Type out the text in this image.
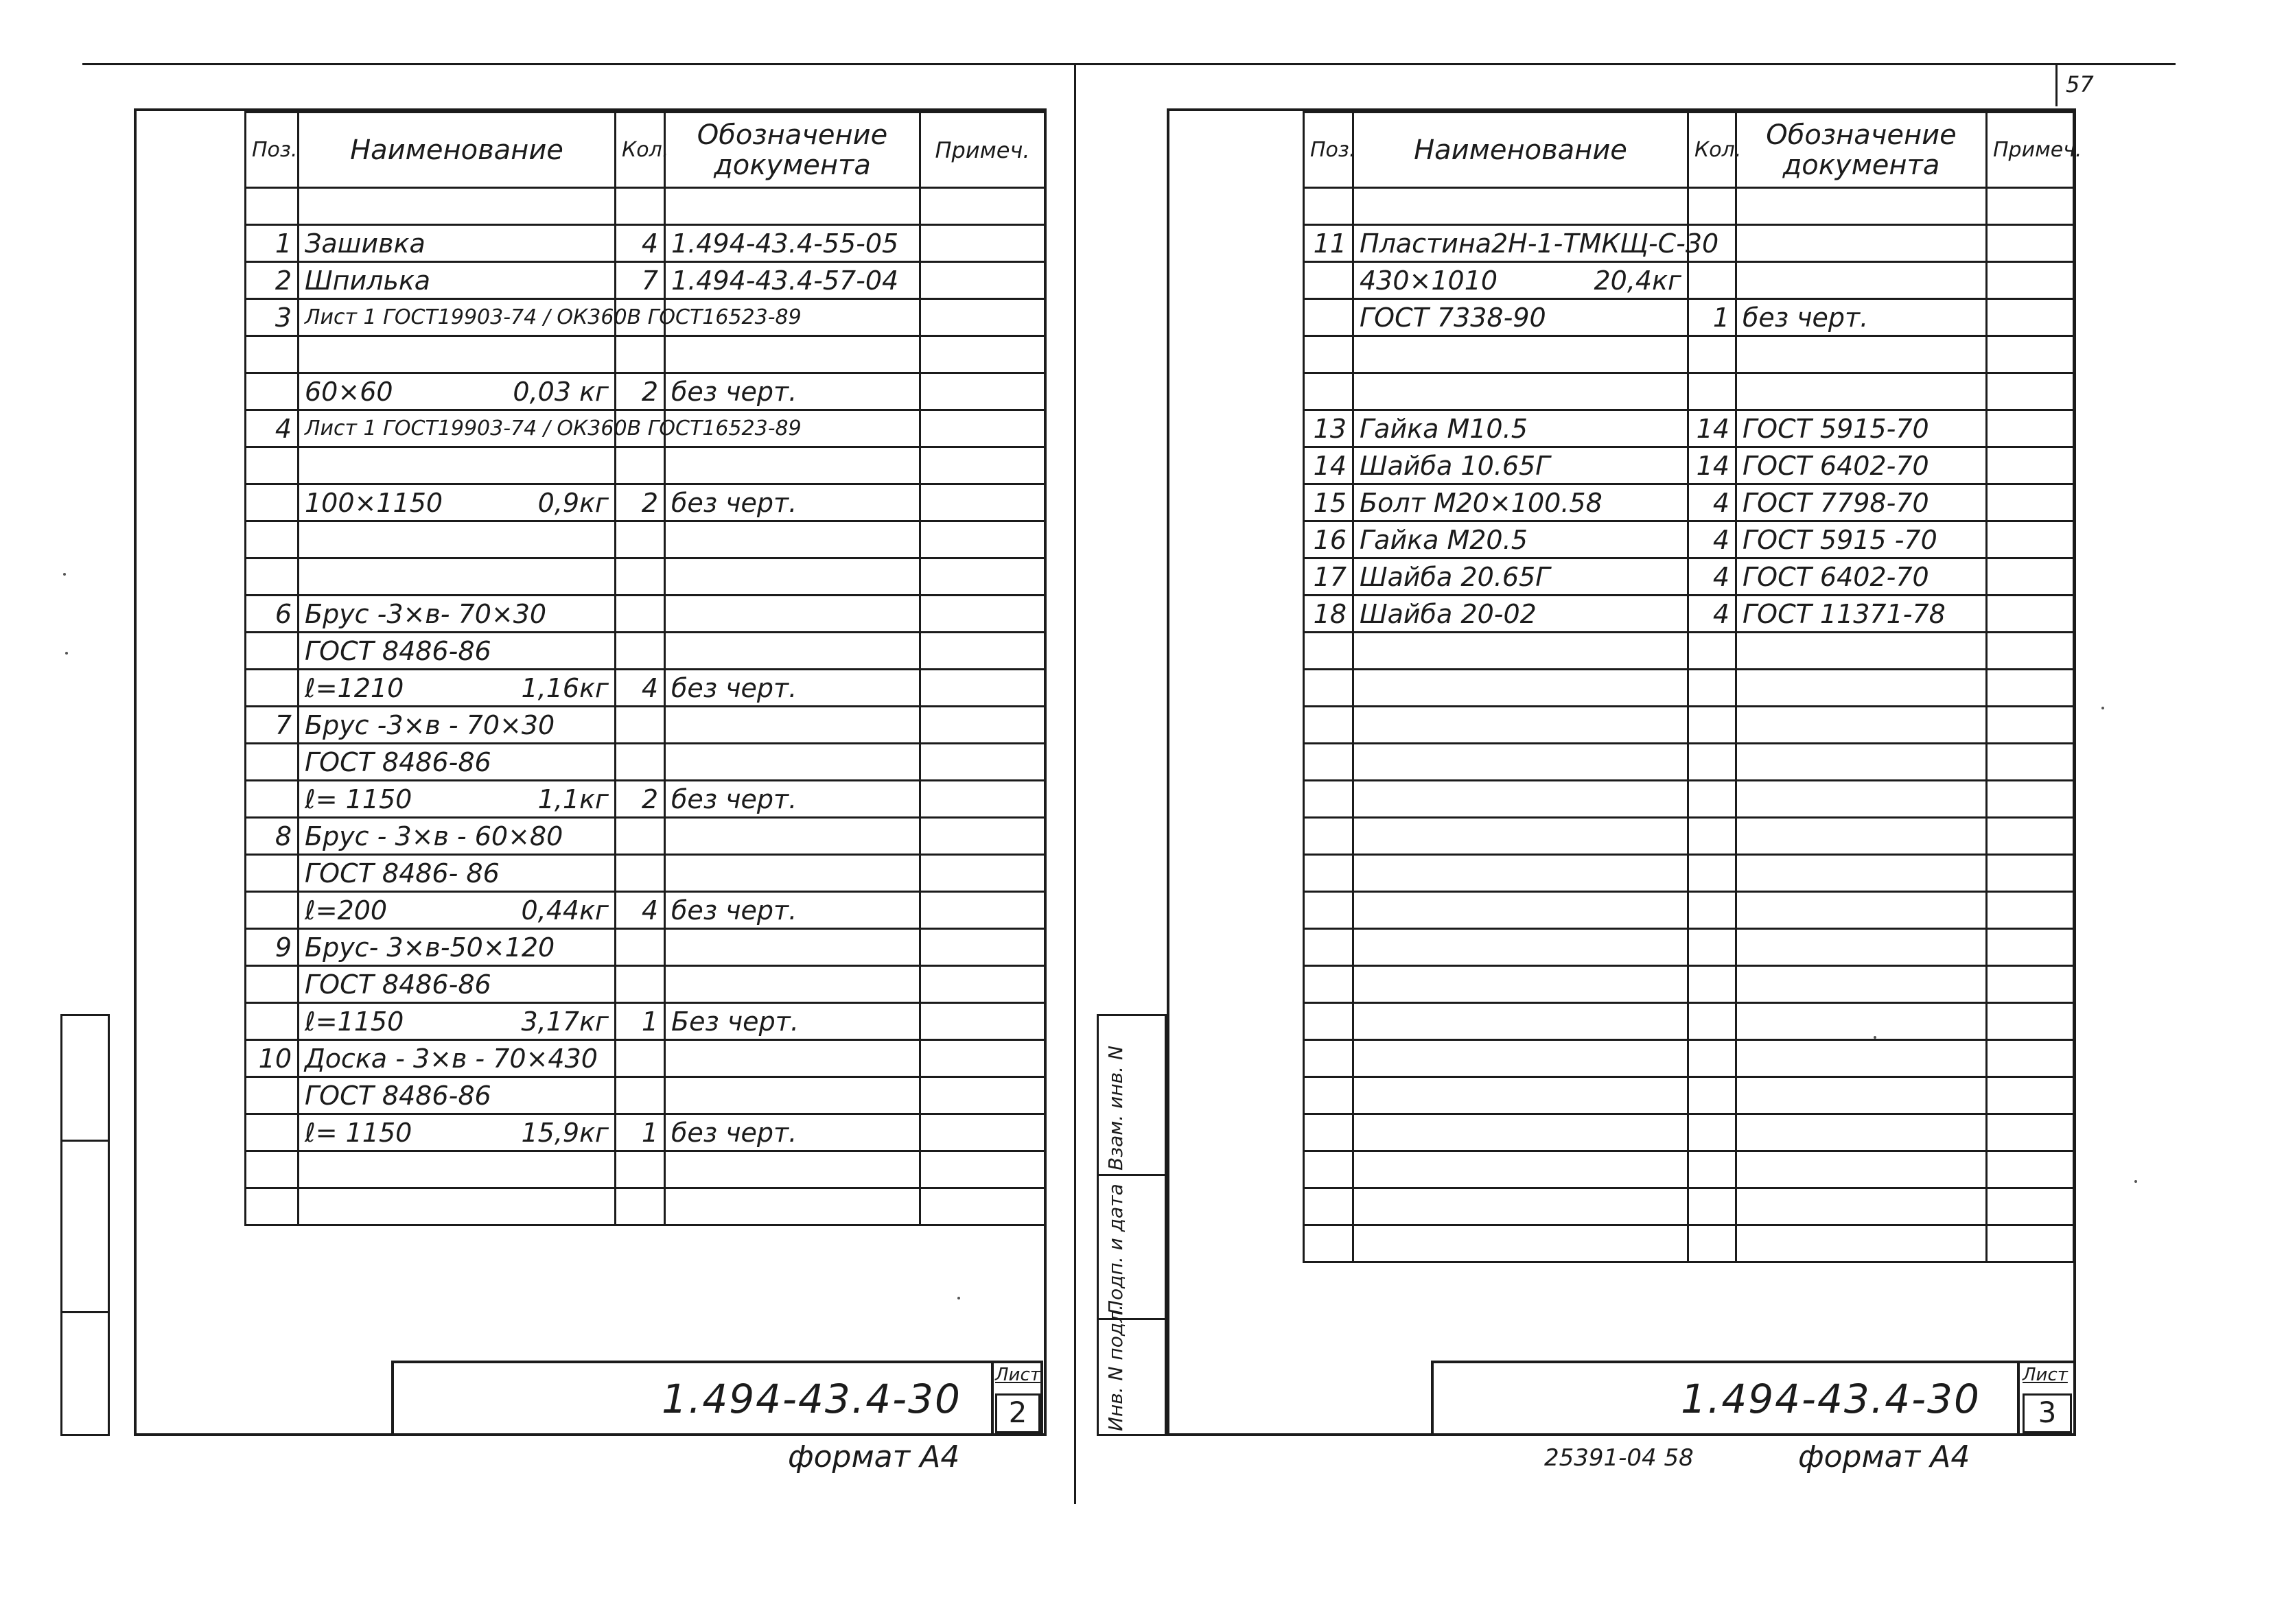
57
Поз.	Наименование	Кол.	Обозначение
документа	Примеч.

1	Зашивка	4	1.494-43.4-55-05	
2	Шпилька	7	1.494-43.4-57-04	
3	Лист 1 ГОСТ19903-74 / ОК360В ГОСТ16523-89			

	60×60 0,03 кг	2	без черт.	
4	Лист 1 ГОСТ19903-74 / ОК360В ГОСТ16523-89			

	100×1150 0,9кг	2	без черт.	

6	Брус -3×в- 70×30			
	ГОСТ 8486-86			
	ℓ=1210 1,16кг	4	без черт.	
7	Брус -3×в - 70×30			
	ГОСТ 8486-86			
	ℓ= 1150 1,1кг	2	без черт.	
8	Брус - 3×в - 60×80			
	ГОСТ 8486- 86			
	ℓ=200 0,44кг	4	без черт.	
9	Брус- 3×в-50×120			
	ГОСТ 8486-86			
	ℓ=1150 3,17кг	1	Без черт.	
10	Доска - 3×в - 70×430			
	ГОСТ 8486-86			
	ℓ= 1150 15,9кг	1	без черт.	

1.494-43.4-30
Лист
2
формат А4
Поз.	Наименование	Кол.	Обозначение
документа	Примеч.

11	Пластина2Н-1-ТМКЩ-С-30			
	430×1010 20,4кг			

	ГОСТ 7338-90	1	без черт.	

13	Гайка М10.5	14	ГОСТ 5915-70	
14	Шайба 10.65Г	14	ГОСТ 6402-70	
15	Болт М20×100.58	4	ГОСТ 7798-70	
16	Гайка М20.5	4	ГОСТ 5915 -70	
17	Шайба 20.65Г	4	ГОСТ 6402-70	
18	Шайба 20-02	4	ГОСТ 11371-78	

1.494-43.4-30
Лист
3
25391-04 58	формат А4
Инв. N подл.
Подп. и дата
Взам. инв. N
